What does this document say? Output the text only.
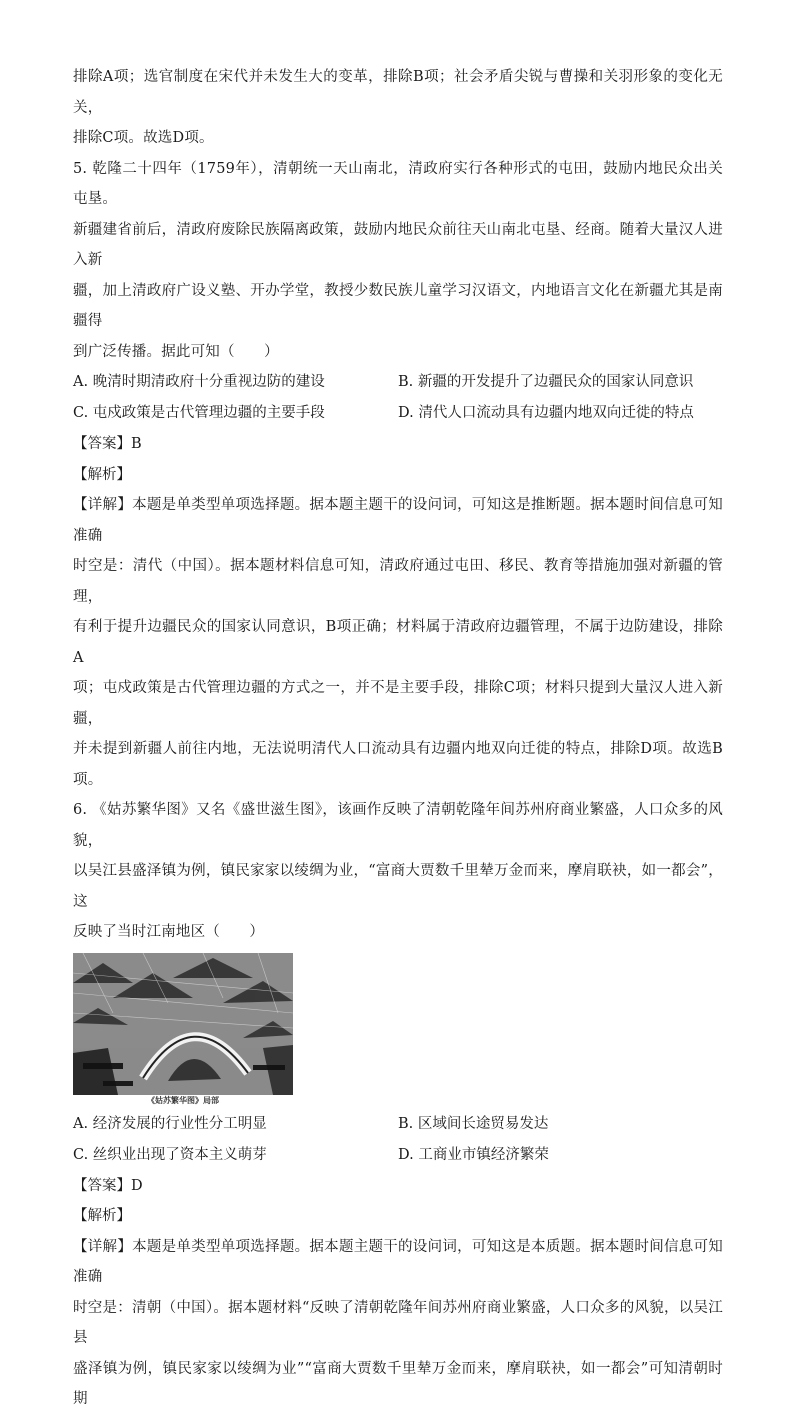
排除A项；选官制度在宋代并未发生大的变革，排除B项；社会矛盾尖锐与曹操和关羽形象的变化无关，

排除C项。故选D项。

5. 乾隆二十四年（1759年），清朝统一天山南北，清政府实行各种形式的屯田，鼓励内地民众出关屯垦。

新疆建省前后，清政府废除民族隔离政策，鼓励内地民众前往天山南北屯垦、经商。随着大量汉人进入新

疆，加上清政府广设义塾、开办学堂，教授少数民族儿童学习汉语文，内地语言文化在新疆尤其是南疆得

到广泛传播。据此可知（　　）

A. 晚清时期清政府十分重视边防的建设	B. 新疆的开发提升了边疆民众的国家认同意识
C. 屯戍政策是古代管理边疆的主要手段	D. 清代人口流动具有边疆内地双向迁徙的特点
【答案】B
【解析】

【详解】本题是单类型单项选择题。据本题主题干的设问词，可知这是推断题。据本题时间信息可知准确

时空是：清代（中国）。据本题材料信息可知，清政府通过屯田、移民、教育等措施加强对新疆的管理，

有利于提升边疆民众的国家认同意识，B项正确；材料属于清政府边疆管理，不属于边防建设，排除A

项；屯戍政策是古代管理边疆的方式之一，并不是主要手段，排除C项；材料只提到大量汉人进入新疆，

并未提到新疆人前往内地，无法说明清代人口流动具有边疆内地双向迁徙的特点，排除D项。故选B项。

6. 《姑苏繁华图》又名《盛世滋生图》，该画作反映了清朝乾隆年间苏州府商业繁盛，人口众多的风貌，

以吴江县盛泽镇为例，镇民家家以绫绸为业，“富商大贾数千里辇万金而来，摩肩联袂，如一都会”，这

反映了当时江南地区（　　）

《姑苏繁华图》局部
A. 经济发展的行业性分工明显	B. 区域间长途贸易发达
C. 丝织业出现了资本主义萌芽	D. 工商业市镇经济繁荣
【答案】D
【解析】

【详解】本题是单类型单项选择题。据本题主题干的设问词，可知这是本质题。据本题时间信息可知准确

时空是：清朝（中国）。据本题材料“反映了清朝乾隆年间苏州府商业繁盛，人口众多的风貌，以吴江县

盛泽镇为例，镇民家家以绫绸为业”“富商大贾数千里辇万金而来，摩肩联袂，如一都会”可知清朝时期
